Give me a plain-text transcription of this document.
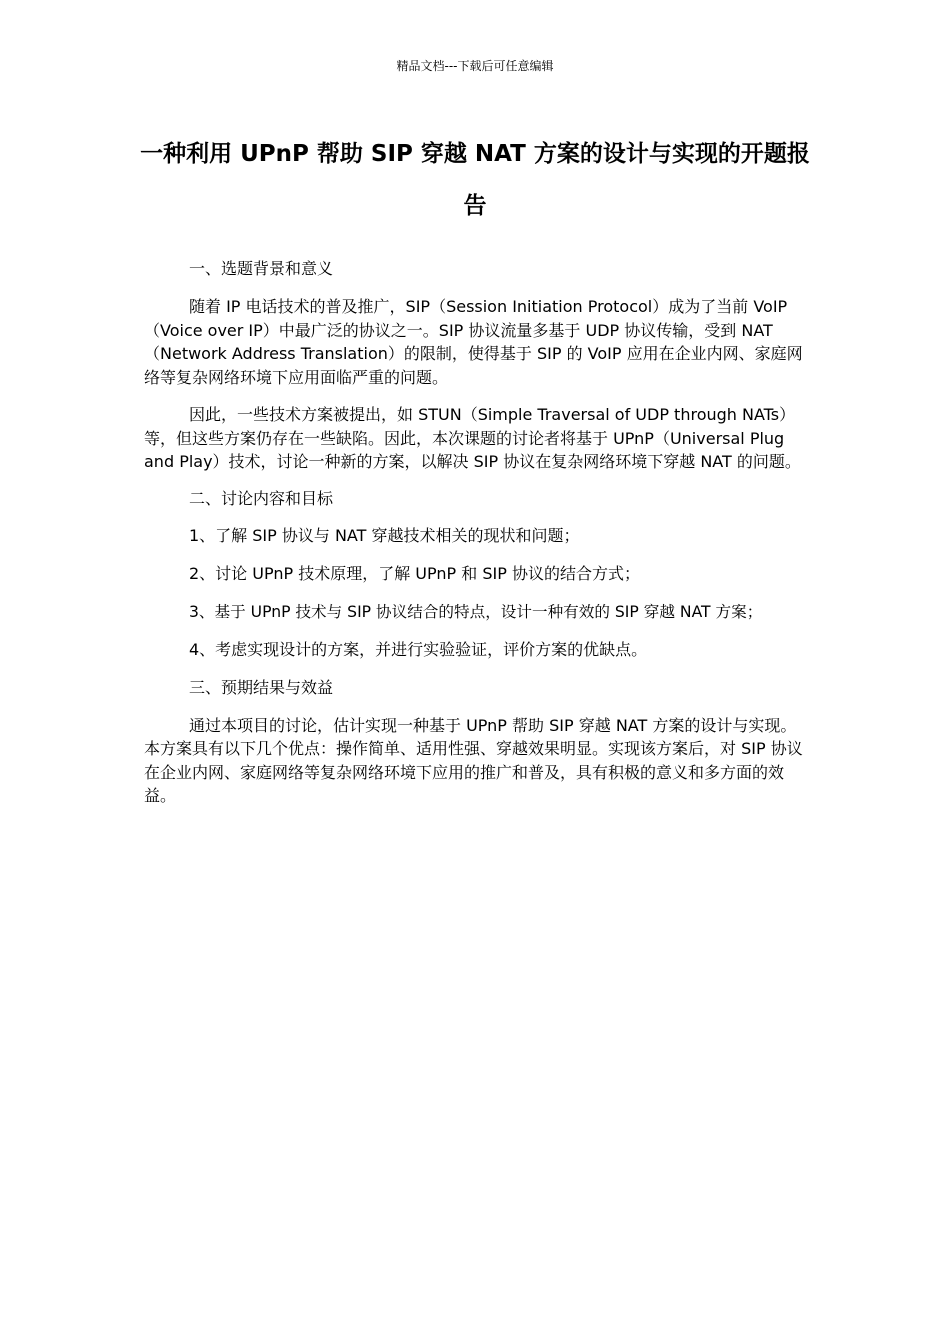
精品文档---下载后可任意编辑
一种利用 UPnP 帮助 SIP 穿越 NAT 方案的设计与实现的开题报告

一、选题背景和意义

随着 IP 电话技术的普及推广，SIP（Session Initiation Protocol）成为了当前 VoIP（Voice over IP）中最广泛的协议之一。SIP 协议流量多基于 UDP 协议传输，受到 NAT（Network Address Translation）的限制，使得基于 SIP 的 VoIP 应用在企业内网、家庭网络等复杂网络环境下应用面临严重的问题。

因此，一些技术方案被提出，如 STUN（Simple Traversal of UDP through NATs）等，但这些方案仍存在一些缺陷。因此，本次课题的讨论者将基于 UPnP（Universal Plug and Play）技术，讨论一种新的方案，以解决 SIP 协议在复杂网络环境下穿越 NAT 的问题。

二、讨论内容和目标

1、了解 SIP 协议与 NAT 穿越技术相关的现状和问题；

2、讨论 UPnP 技术原理，了解 UPnP 和 SIP 协议的结合方式；

3、基于 UPnP 技术与 SIP 协议结合的特点，设计一种有效的 SIP 穿越 NAT 方案；

4、考虑实现设计的方案，并进行实验验证，评价方案的优缺点。

三、预期结果与效益

通过本项目的讨论，估计实现一种基于 UPnP 帮助 SIP 穿越 NAT 方案的设计与实现。本方案具有以下几个优点：操作简单、适用性强、穿越效果明显。实现该方案后，对 SIP 协议在企业内网、家庭网络等复杂网络环境下应用的推广和普及，具有积极的意义和多方面的效益。
